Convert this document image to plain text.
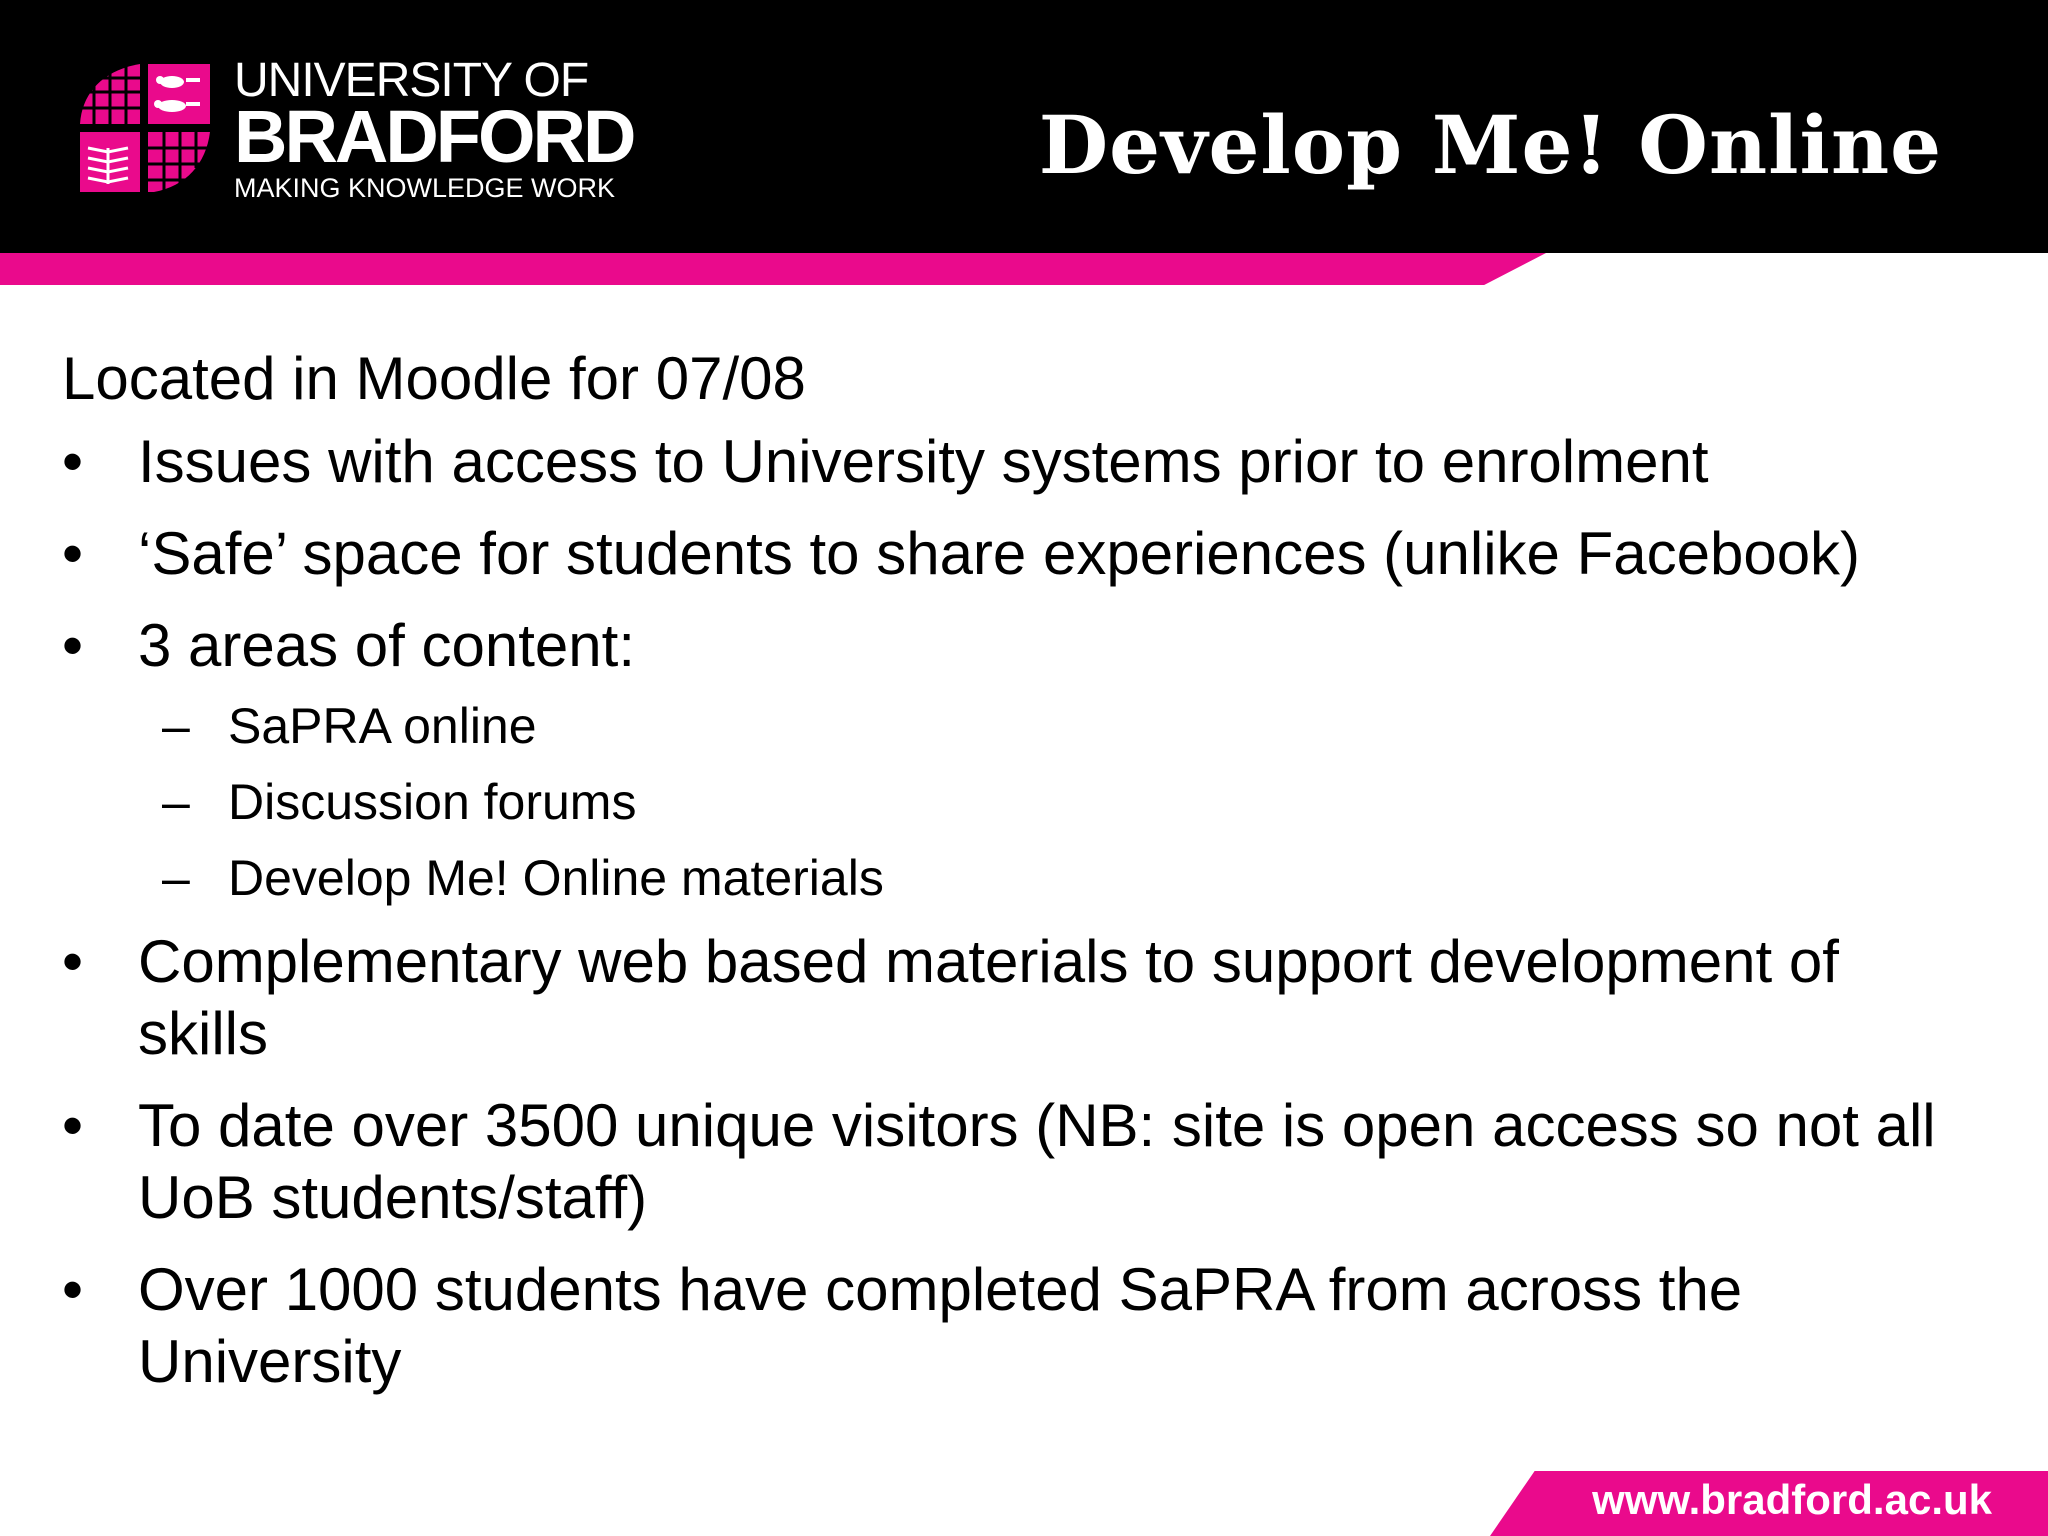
UNIVERSITY OF
BRADFORD
MAKING KNOWLEDGE WORK	Develop Me! Online
Located in Moodle for 07/08
• Issues with access to University systems prior to enrolment
• ‘Safe’ space for students to share experiences (unlike Facebook)
• 3 areas of content:
– SaPRA online
– Discussion forums
– Develop Me! Online materials
• Complementary web based materials to support development of skills
• To date over 3500 unique visitors (NB: site is open access so not all UoB students/staff)
• Over 1000 students have completed SaPRA from across the University
www.bradford.ac.uk
